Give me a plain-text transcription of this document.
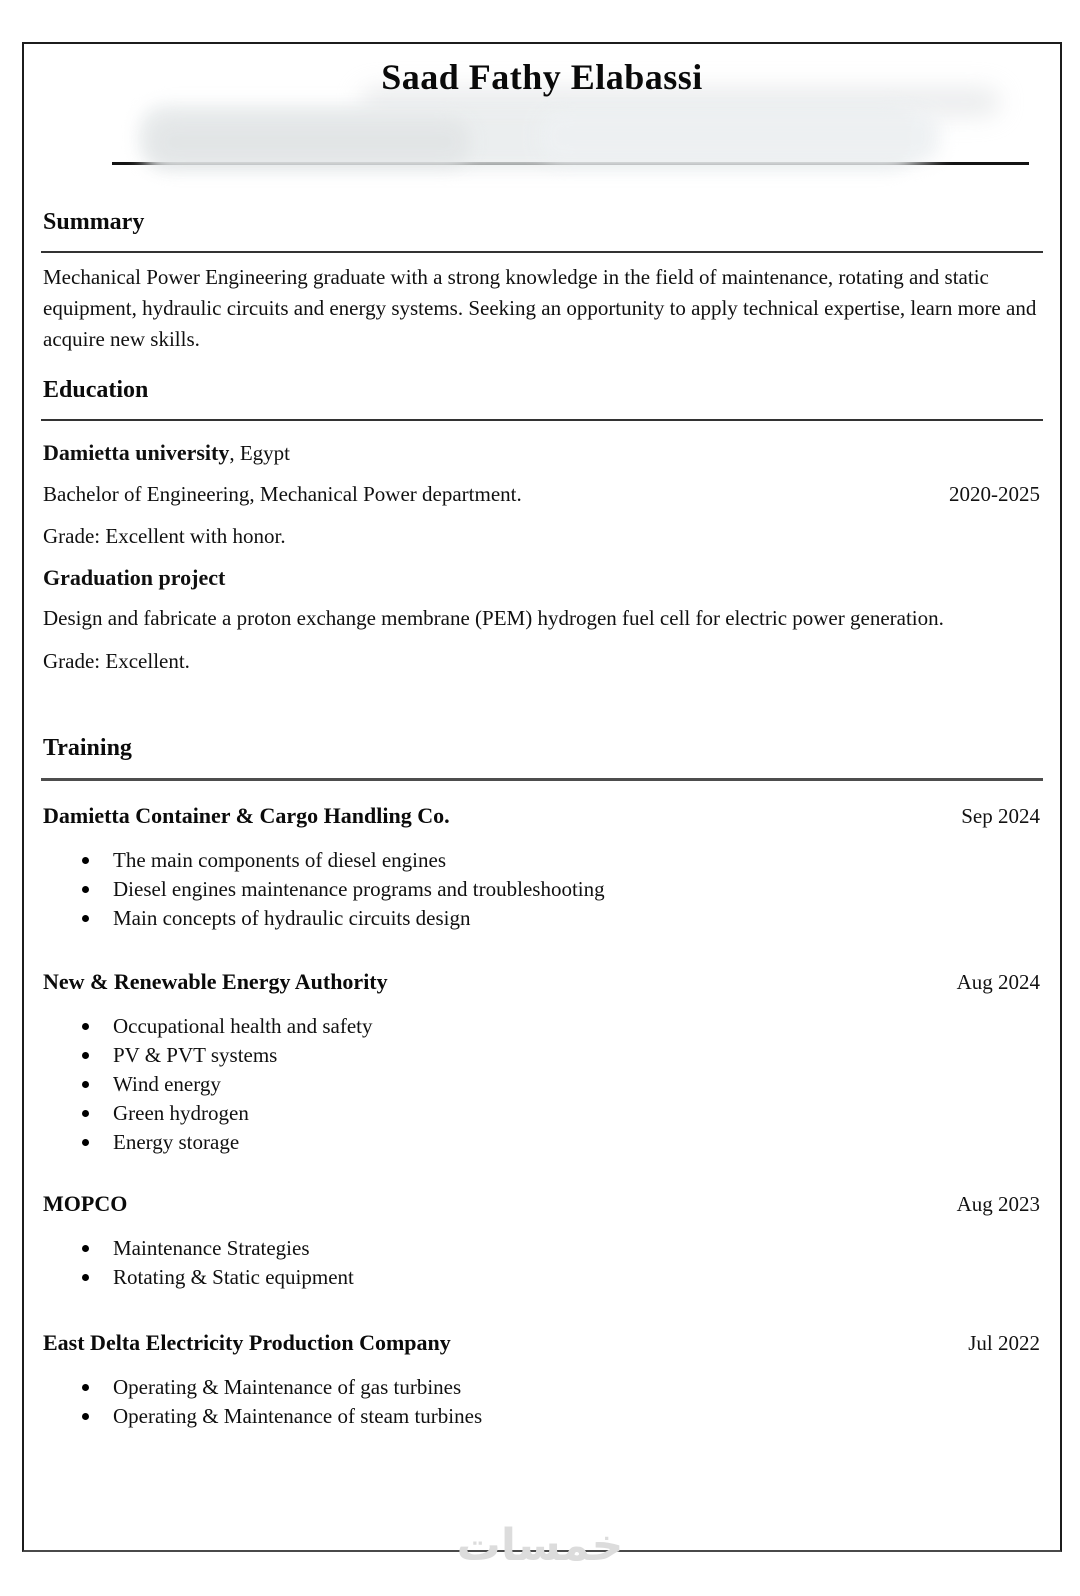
Saad Fathy Elabassi
Summary

Mechanical Power Engineering graduate with a strong knowledge in the field of maintenance, rotating and static equipment, hydraulic circuits and energy systems. Seeking an opportunity to apply technical expertise, learn more and acquire new skills.

Education
Damietta university, Egypt
Bachelor of Engineering, Mechanical Power department.	2020-2025
Grade: Excellent with honor.
Graduation project
Design and fabricate a proton exchange membrane (PEM) hydrogen fuel cell for electric power generation.
Grade: Excellent.
Training
Damietta Container & Cargo Handling Co.	Sep 2024
The main components of diesel engines
Diesel engines maintenance programs and troubleshooting
Main concepts of hydraulic circuits design
New & Renewable Energy Authority	Aug 2024
Occupational health and safety
PV & PVT systems
Wind energy
Green hydrogen
Energy storage
MOPCO	Aug 2023
Maintenance Strategies
Rotating & Static equipment
East Delta Electricity Production Company	Jul 2022
Operating & Maintenance of gas turbines
Operating & Maintenance of steam turbines
خمسات
